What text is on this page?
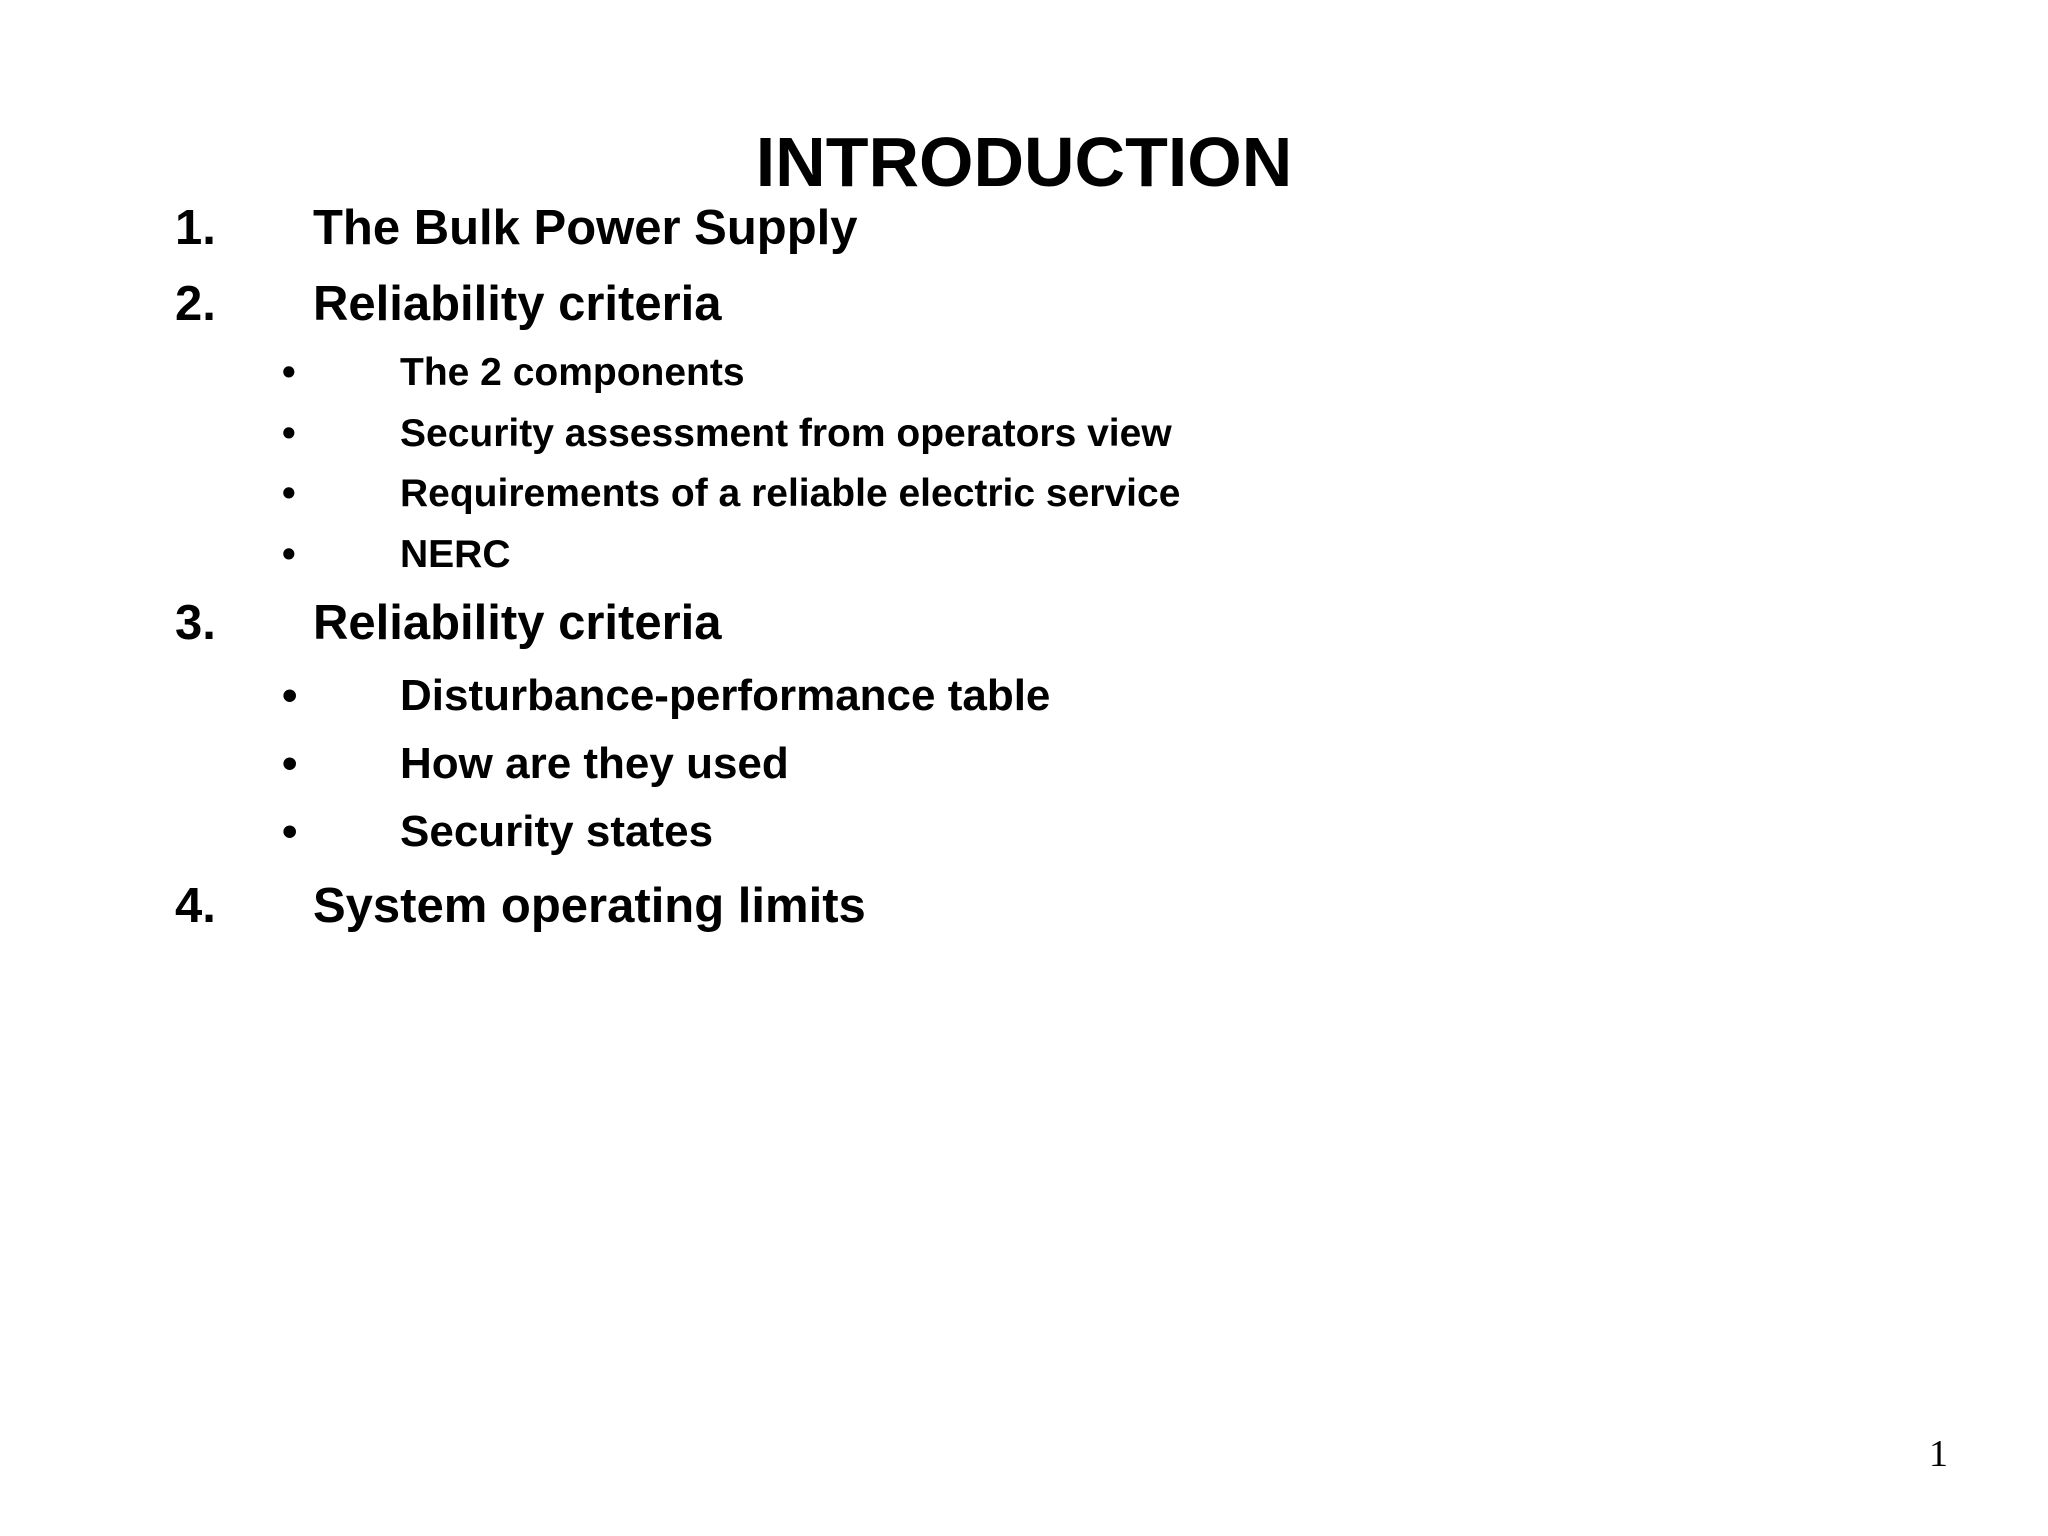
INTRODUCTION
1. The Bulk Power Supply
2. Reliability criteria
•	The 2 components
•	Security assessment from operators view
•	Requirements of a reliable electric service
•	NERC
3. Reliability criteria
• Disturbance-performance table
• How are they used
• Security states
4. System operating limits
1
